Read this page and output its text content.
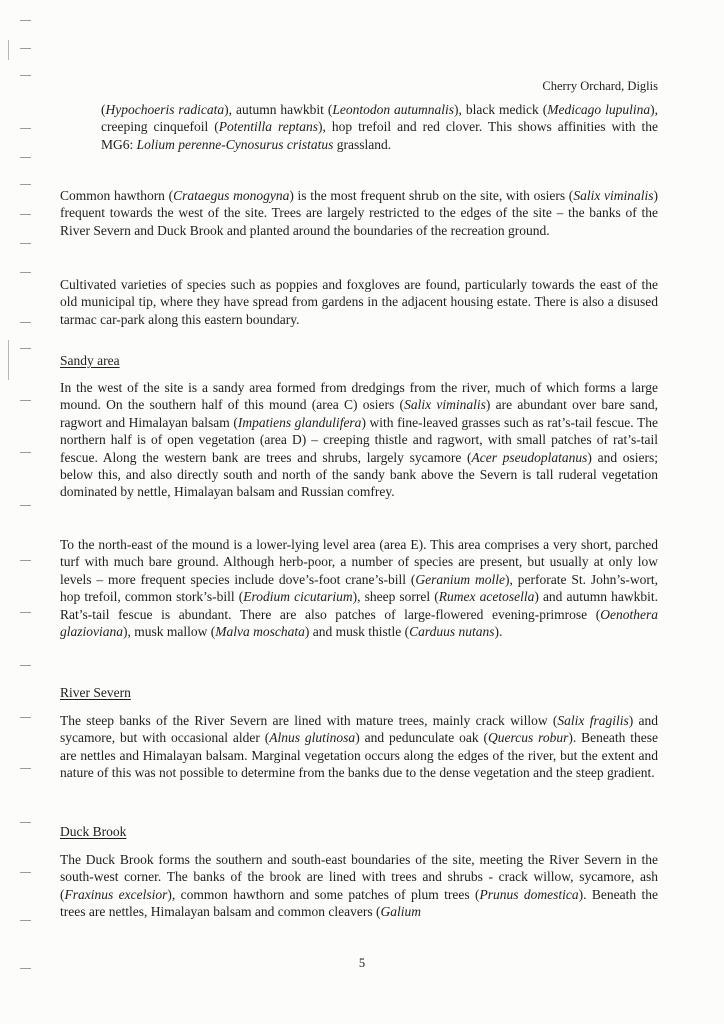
Cherry Orchard, Diglis

(Hypochoeris radicata), autumn hawkbit (Leontodon autumnalis), black medick (Medicago lupulina), creeping cinquefoil (Potentilla reptans), hop trefoil and red clover. This shows affinities with the MG6: Lolium perenne-Cynosurus cristatus grassland.

Common hawthorn (Crataegus monogyna) is the most frequent shrub on the site, with osiers (Salix viminalis) frequent towards the west of the site. Trees are largely restricted to the edges of the site – the banks of the River Severn and Duck Brook and planted around the boundaries of the recreation ground.

Cultivated varieties of species such as poppies and foxgloves are found, particularly towards the east of the old municipal tip, where they have spread from gardens in the adjacent housing estate. There is also a disused tarmac car-park along this eastern boundary.

Sandy area

In the west of the site is a sandy area formed from dredgings from the river, much of which forms a large mound. On the southern half of this mound (area C) osiers (Salix viminalis) are abundant over bare sand, ragwort and Himalayan balsam (Impatiens glandulifera) with fine-leaved grasses such as rat’s-tail fescue. The northern half is of open vegetation (area D) – creeping thistle and ragwort, with small patches of rat’s-tail fescue. Along the western bank are trees and shrubs, largely sycamore (Acer pseudoplatanus) and osiers; below this, and also directly south and north of the sandy bank above the Severn is tall ruderal vegetation dominated by nettle, Himalayan balsam and Russian comfrey.

To the north-east of the mound is a lower-lying level area (area E). This area comprises a very short, parched turf with much bare ground. Although herb-poor, a number of species are present, but usually at only low levels – more frequent species include dove’s-foot crane’s-bill (Geranium molle), perforate St. John’s-wort, hop trefoil, common stork’s-bill (Erodium cicutarium), sheep sorrel (Rumex acetosella) and autumn hawkbit. Rat’s-tail fescue is abundant. There are also patches of large-flowered evening-primrose (Oenothera glazioviana), musk mallow (Malva moschata) and musk thistle (Carduus nutans).

River Severn

The steep banks of the River Severn are lined with mature trees, mainly crack willow (Salix fragilis) and sycamore, but with occasional alder (Alnus glutinosa) and pedunculate oak (Quercus robur). Beneath these are nettles and Himalayan balsam. Marginal vegetation occurs along the edges of the river, but the extent and nature of this was not possible to determine from the banks due to the dense vegetation and the steep gradient.

Duck Brook

The Duck Brook forms the southern and south-east boundaries of the site, meeting the River Severn in the south-west corner. The banks of the brook are lined with trees and shrubs - crack willow, sycamore, ash (Fraxinus excelsior), common hawthorn and some patches of plum trees (Prunus domestica). Beneath the trees are nettles, Himalayan balsam and common cleavers (Galium

5
